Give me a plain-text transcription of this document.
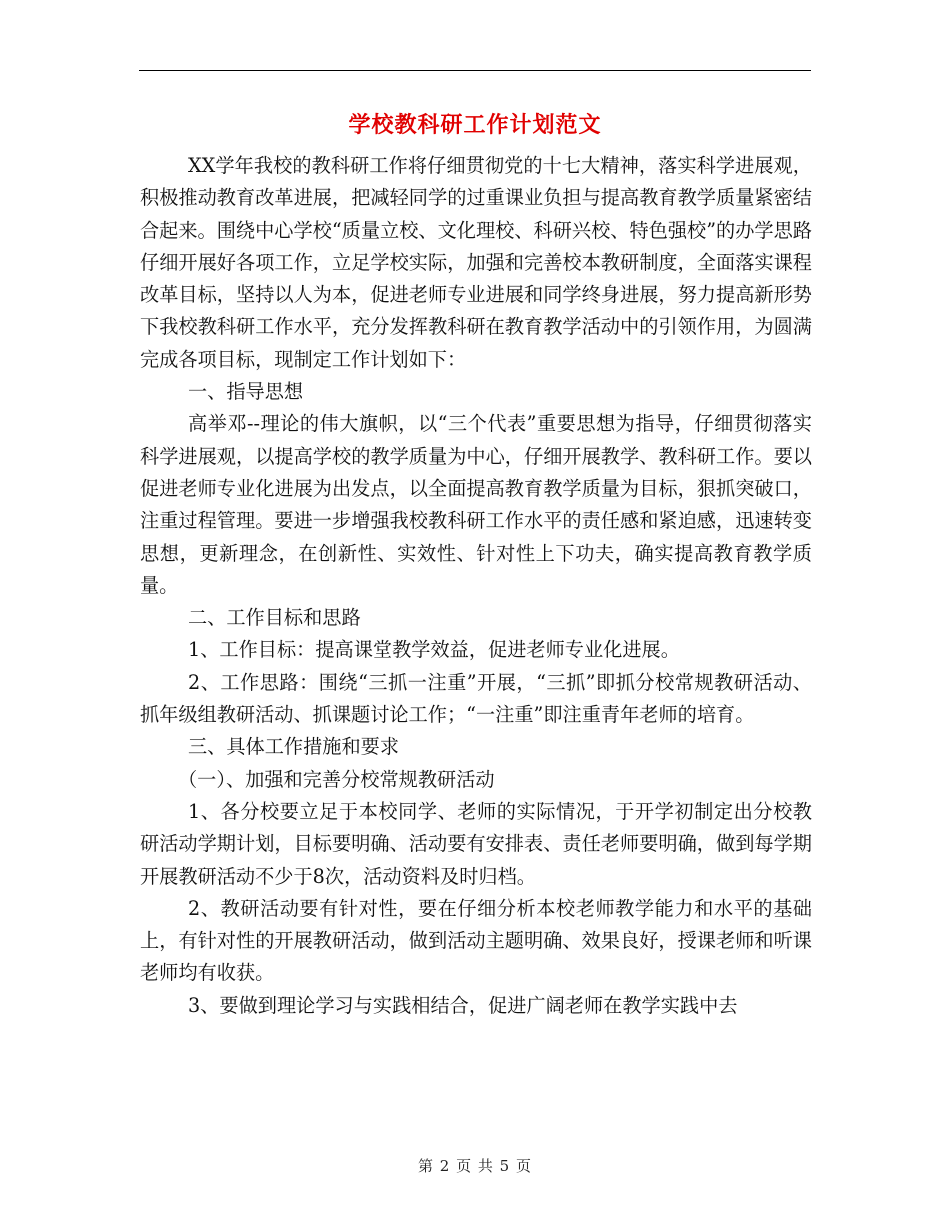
学校教科研工作计划范文

XX学年我校的教科研工作将仔细贯彻党的十七大精神，落实科学进展观，积极推动教育改革进展，把减轻同学的过重课业负担与提高教育教学质量紧密结合起来。围绕中心学校“质量立校、文化理校、科研兴校、特色强校”的办学思路仔细开展好各项工作，立足学校实际，加强和完善校本教研制度，全面落实课程改革目标，坚持以人为本，促进老师专业进展和同学终身进展，努力提高新形势下我校教科研工作水平，充分发挥教科研在教育教学活动中的引领作用，为圆满完成各项目标，现制定工作计划如下：

一、指导思想

高举邓--理论的伟大旗帜，以“三个代表”重要思想为指导，仔细贯彻落实科学进展观，以提高学校的教学质量为中心，仔细开展教学、教科研工作。要以促进老师专业化进展为出发点，以全面提高教育教学质量为目标，狠抓突破口，注重过程管理。要进一步增强我校教科研工作水平的责任感和紧迫感，迅速转变思想，更新理念，在创新性、实效性、针对性上下功夫，确实提高教育教学质量。

二、工作目标和思路

1、工作目标：提高课堂教学效益，促进老师专业化进展。

2、工作思路：围绕“三抓一注重”开展，“三抓”即抓分校常规教研活动、抓年级组教研活动、抓课题讨论工作；“一注重”即注重青年老师的培育。

三、具体工作措施和要求

（一）、加强和完善分校常规教研活动

1、各分校要立足于本校同学、老师的实际情况，于开学初制定出分校教研活动学期计划，目标要明确、活动要有安排表、责任老师要明确，做到每学期开展教研活动不少于8次，活动资料及时归档。

2、教研活动要有针对性，要在仔细分析本校老师教学能力和水平的基础上，有针对性的开展教研活动，做到活动主题明确、效果良好，授课老师和听课老师均有收获。

3、要做到理论学习与实践相结合，促进广阔老师在教学实践中去

第 2 页 共 5 页
